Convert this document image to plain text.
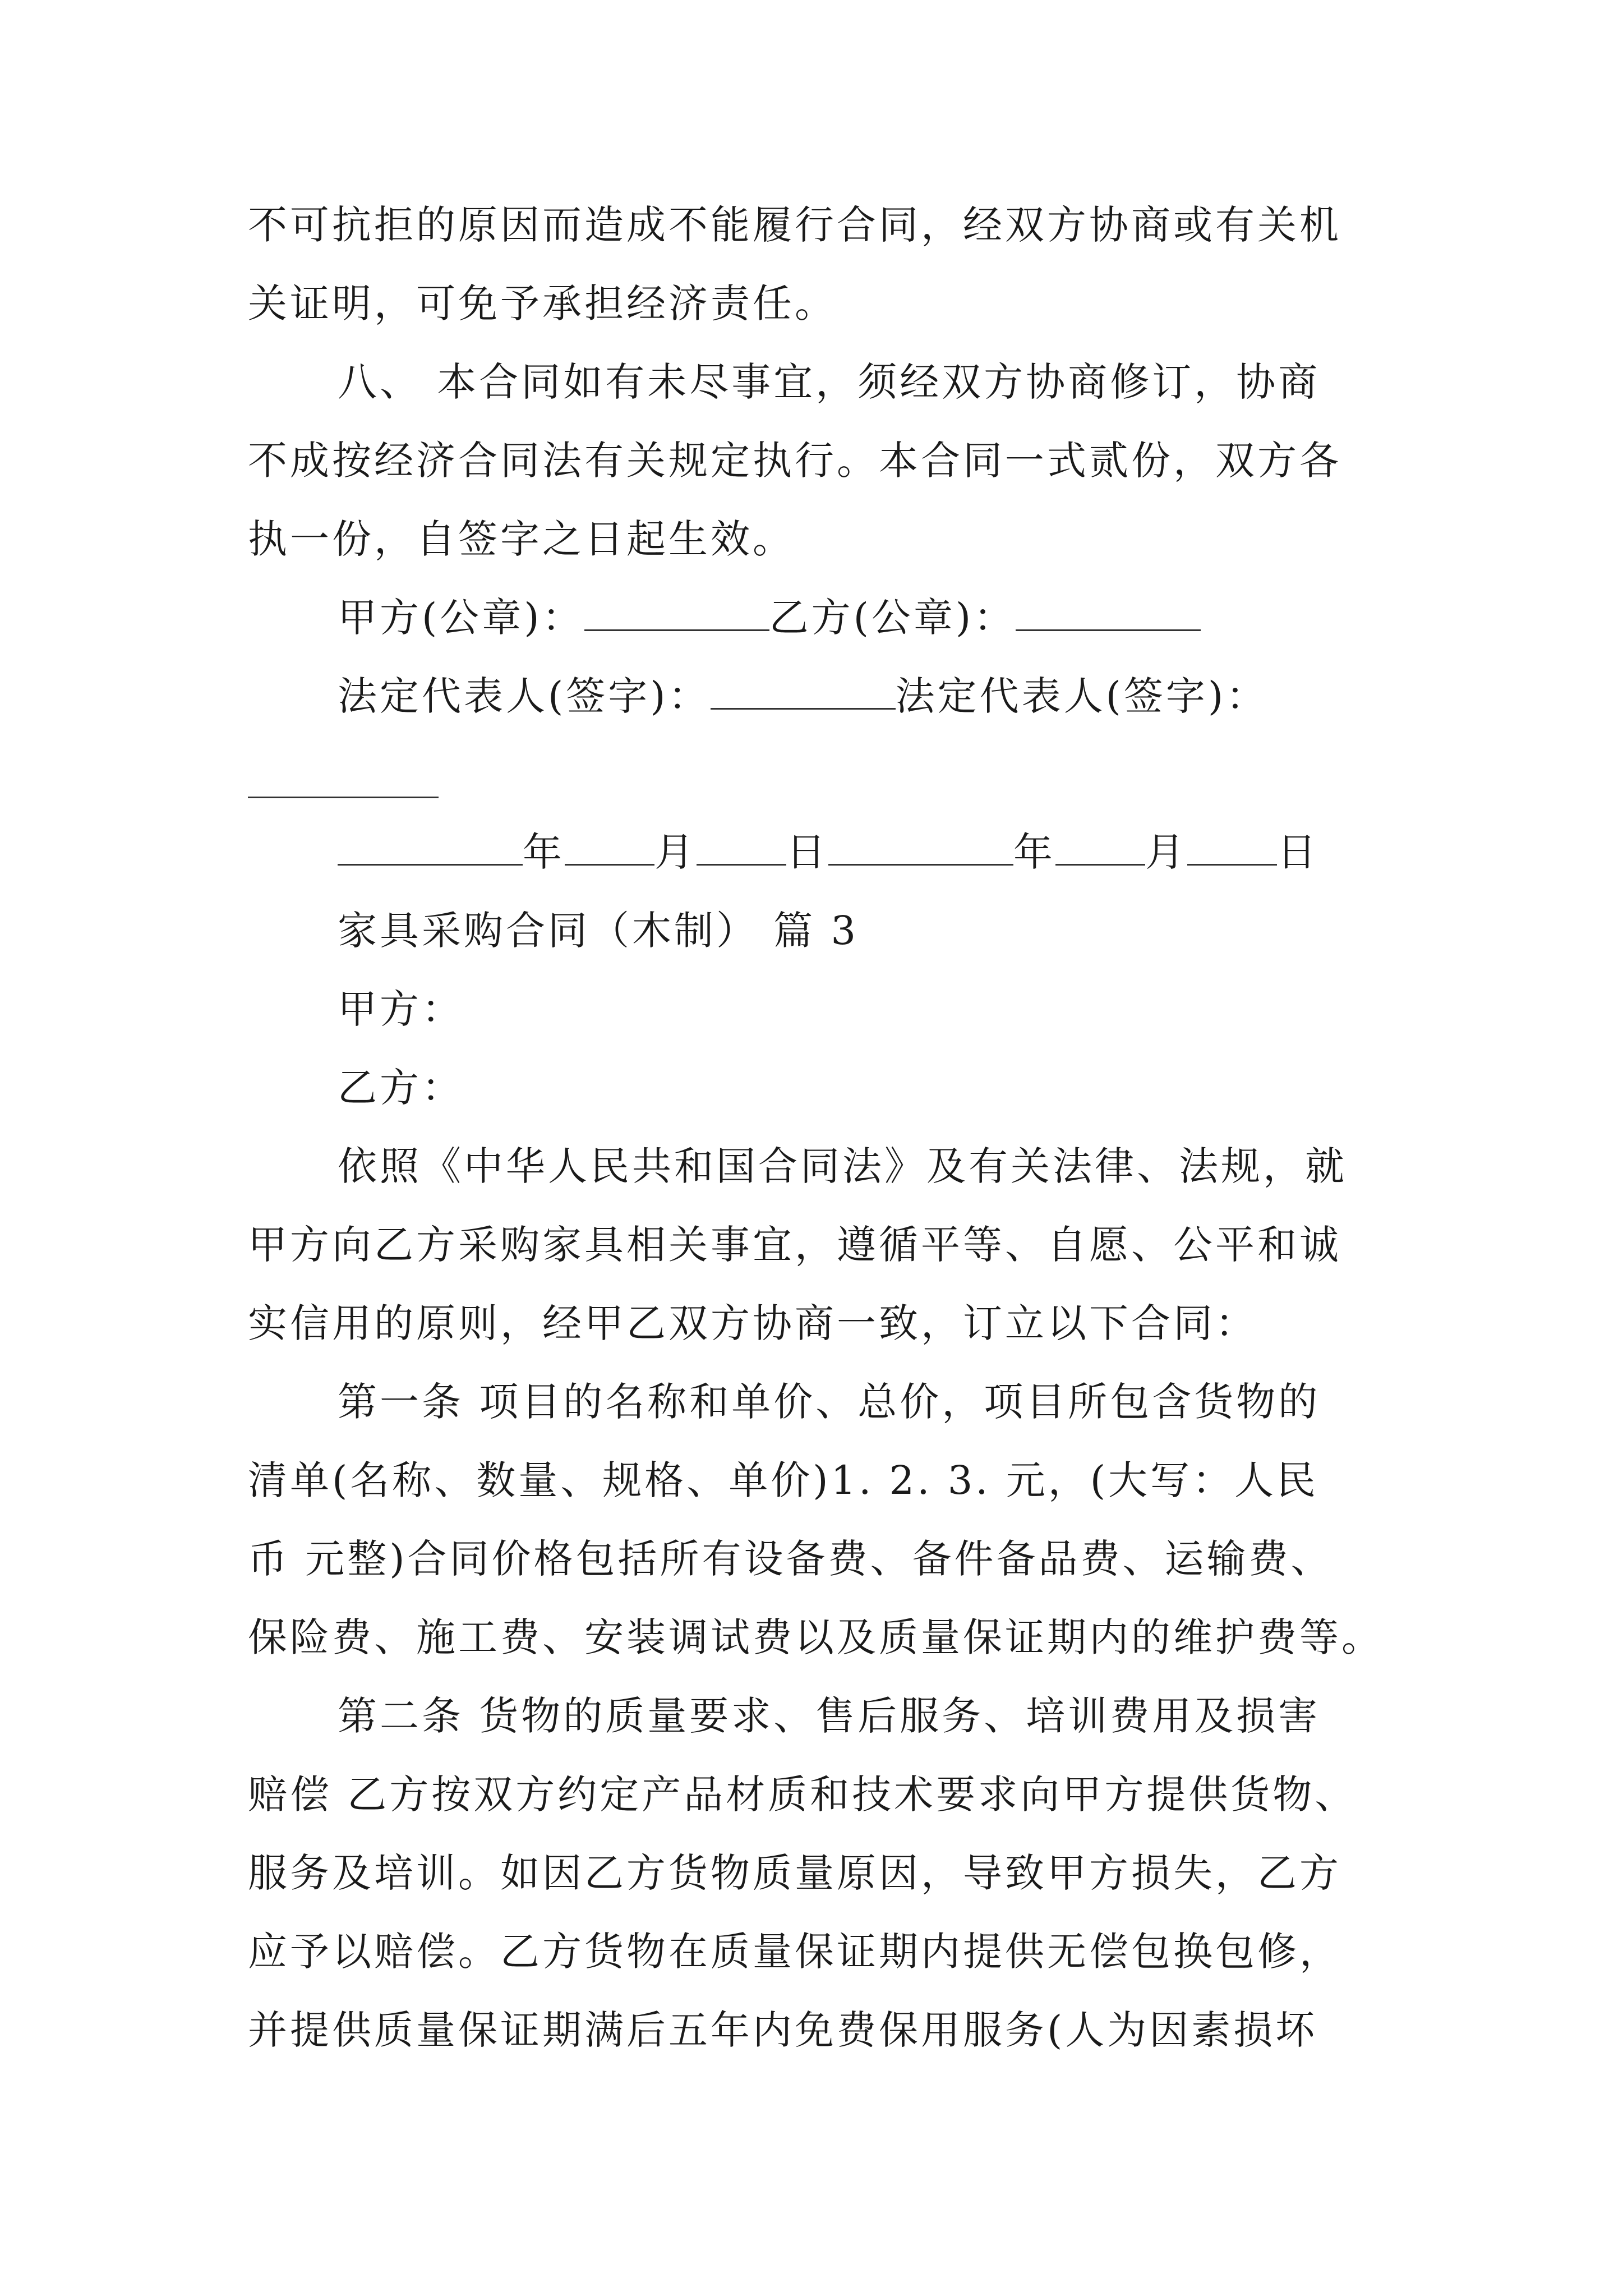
不可抗拒的原因而造成不能履行合同，经双方协商或有关机
关证明，可免予承担经济责任。
八、 本合同如有未尽事宜，须经双方协商修订，协商
不成按经济合同法有关规定执行。本合同一式贰份，双方各
执一份，自签字之日起生效。
甲方(公章)：	乙方(公章)：
法定代表人(签字)：	法定代表人(签字)：
年 月 日	年 月 日
家具采购合同（木制） 篇 3
甲方：
乙方：
依照《中华人民共和国合同法》及有关法律、法规，就
甲方向乙方采购家具相关事宜，遵循平等、自愿、公平和诚
实信用的原则，经甲乙双方协商一致，订立以下合同：
第一条 项目的名称和单价、总价，项目所包含货物的
清单(名称、数量、规格、单价)1. 2. 3. 元，(大写：人民
币 元整)合同价格包括所有设备费、备件备品费、运输费、
保险费、施工费、安装调试费以及质量保证期内的维护费等。
第二条 货物的质量要求、售后服务、培训费用及损害
赔偿 乙方按双方约定产品材质和技术要求向甲方提供货物、
服务及培训。如因乙方货物质量原因，导致甲方损失，乙方
应予以赔偿。乙方货物在质量保证期内提供无偿包换包修，
并提供质量保证期满后五年内免费保用服务(人为因素损坏
